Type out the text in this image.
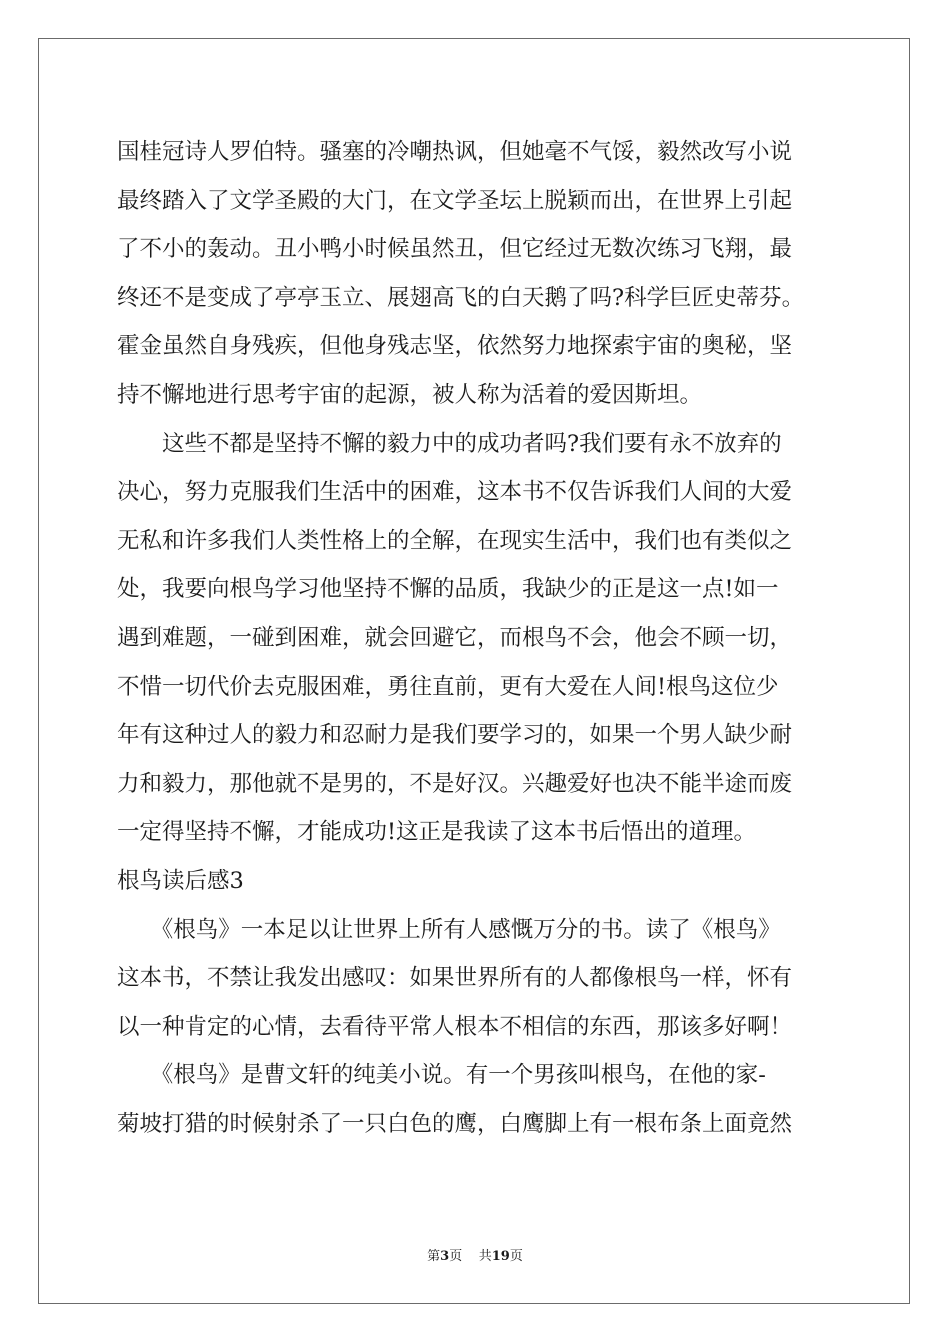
国桂冠诗人罗伯特。骚塞的冷嘲热讽，但她毫不气馁，毅然改写小说
最终踏入了文学圣殿的大门，在文学圣坛上脱颖而出，在世界上引起
了不小的轰动。丑小鸭小时候虽然丑，但它经过无数次练习飞翔，最
终还不是变成了亭亭玉立、展翅高飞的白天鹅了吗?科学巨匠史蒂芬。
霍金虽然自身残疾，但他身残志坚，依然努力地探索宇宙的奥秘，坚
持不懈地进行思考宇宙的起源，被人称为活着的爱因斯坦。
　　这些不都是坚持不懈的毅力中的成功者吗?我们要有永不放弃的
决心，努力克服我们生活中的困难，这本书不仅告诉我们人间的大爱
无私和许多我们人类性格上的全解，在现实生活中，我们也有类似之
处，我要向根鸟学习他坚持不懈的品质，我缺少的正是这一点!如一
遇到难题，一碰到困难，就会回避它，而根鸟不会，他会不顾一切，
不惜一切代价去克服困难，勇往直前，更有大爱在人间!根鸟这位少
年有这种过人的毅力和忍耐力是我们要学习的，如果一个男人缺少耐
力和毅力，那他就不是男的，不是好汉。兴趣爱好也决不能半途而废
一定得坚持不懈，才能成功!这正是我读了这本书后悟出的道理。
根鸟读后感3
　　《根鸟》一本足以让世界上所有人感慨万分的书。读了《根鸟》
这本书，不禁让我发出感叹：如果世界所有的人都像根鸟一样，怀有
以一种肯定的心情，去看待平常人根本不相信的东西，那该多好啊！
　　《根鸟》是曹文轩的纯美小说。有一个男孩叫根鸟，在他的家-
菊坡打猎的时候射杀了一只白色的鹰，白鹰脚上有一根布条上面竟然
第3页 共19页
